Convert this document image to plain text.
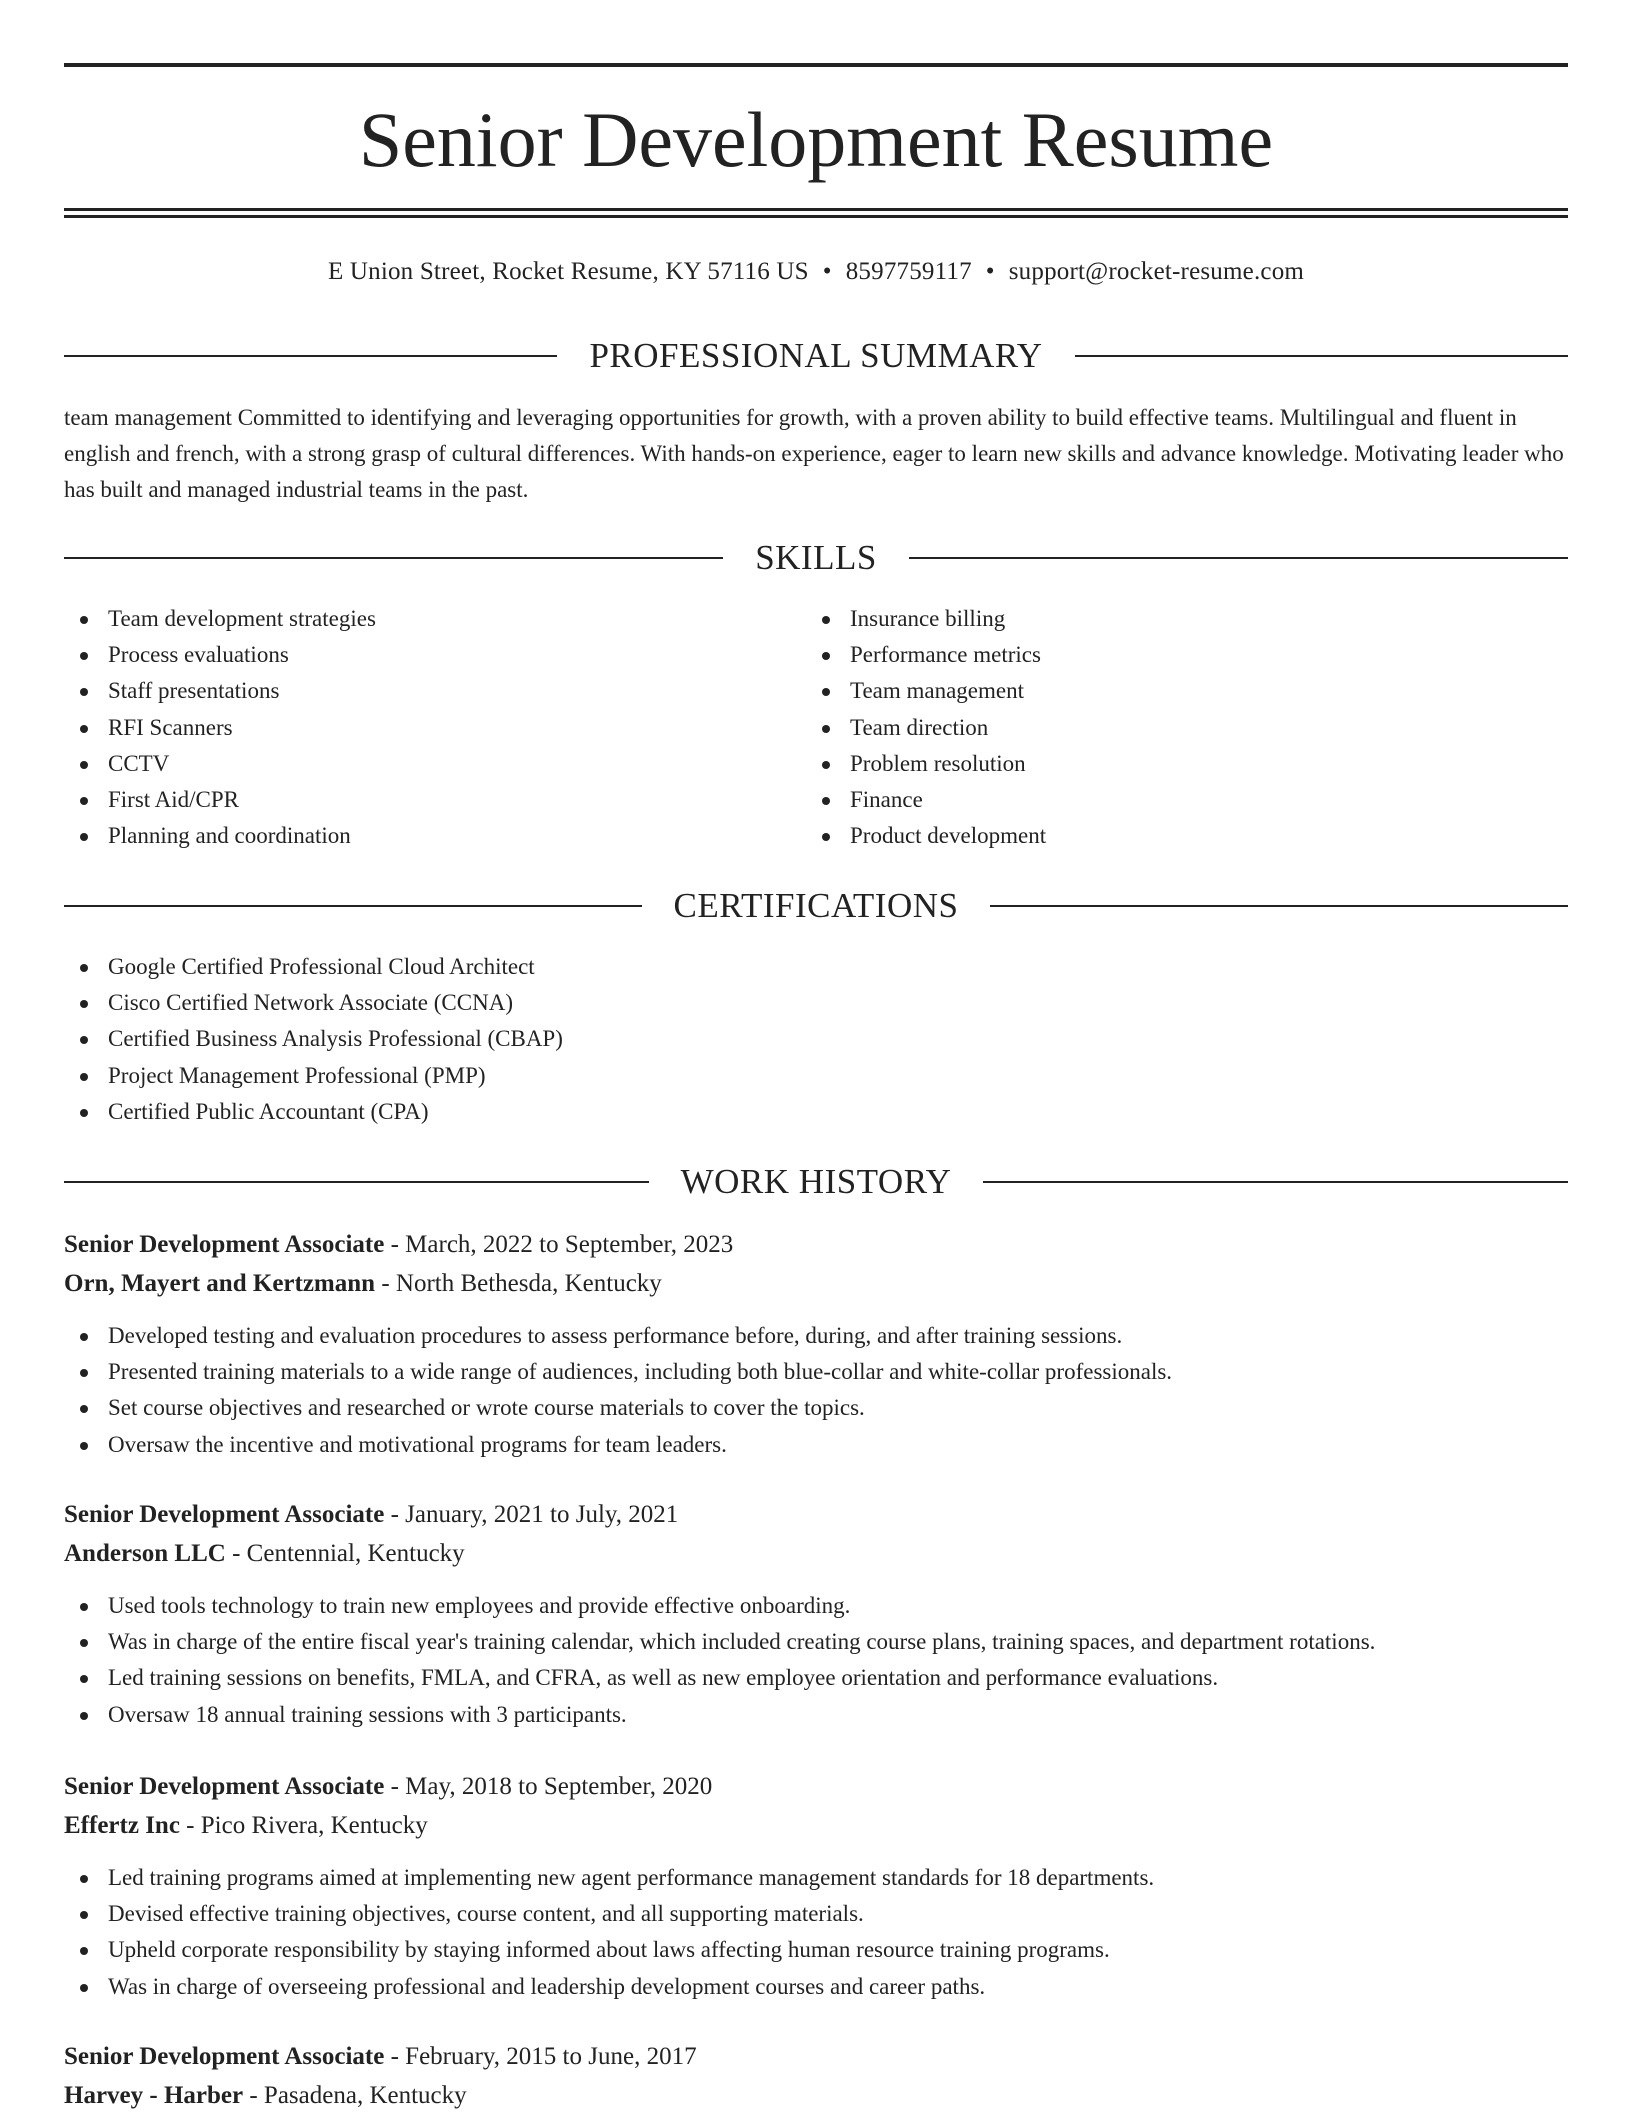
Senior Development Resume
E Union Street, Rocket Resume, KY 57116 US • 8597759117 • support@rocket-resume.com
PROFESSIONAL SUMMARY

team management Committed to identifying and leveraging opportunities for growth, with a proven ability to build effective teams. Multilingual and fluent in english and french, with a strong grasp of cultural differences. With hands-on experience, eager to learn new skills and advance knowledge. Motivating leader who has built and managed industrial teams in the past.

SKILLS
Team development strategies
Process evaluations
Staff presentations
RFI Scanners
CCTV
First Aid/CPR
Planning and coordination
Insurance billing
Performance metrics
Team management
Team direction
Problem resolution
Finance
Product development
CERTIFICATIONS
Google Certified Professional Cloud Architect
Cisco Certified Network Associate (CCNA)
Certified Business Analysis Professional (CBAP)
Project Management Professional (PMP)
Certified Public Accountant (CPA)
WORK HISTORY
Senior Development Associate - March, 2022 to September, 2023
Orn, Mayert and Kertzmann - North Bethesda, Kentucky
Developed testing and evaluation procedures to assess performance before, during, and after training sessions.
Presented training materials to a wide range of audiences, including both blue-collar and white-collar professionals.
Set course objectives and researched or wrote course materials to cover the topics.
Oversaw the incentive and motivational programs for team leaders.
Senior Development Associate - January, 2021 to July, 2021
Anderson LLC - Centennial, Kentucky
Used tools technology to train new employees and provide effective onboarding.
Was in charge of the entire fiscal year's training calendar, which included creating course plans, training spaces, and department rotations.
Led training sessions on benefits, FMLA, and CFRA, as well as new employee orientation and performance evaluations.
Oversaw 18 annual training sessions with 3 participants.
Senior Development Associate - May, 2018 to September, 2020
Effertz Inc - Pico Rivera, Kentucky
Led training programs aimed at implementing new agent performance management standards for 18 departments.
Devised effective training objectives, course content, and all supporting materials.
Upheld corporate responsibility by staying informed about laws affecting human resource training programs.
Was in charge of overseeing professional and leadership development courses and career paths.
Senior Development Associate - February, 2015 to June, 2017
Harvey - Harber - Pasadena, Kentucky
